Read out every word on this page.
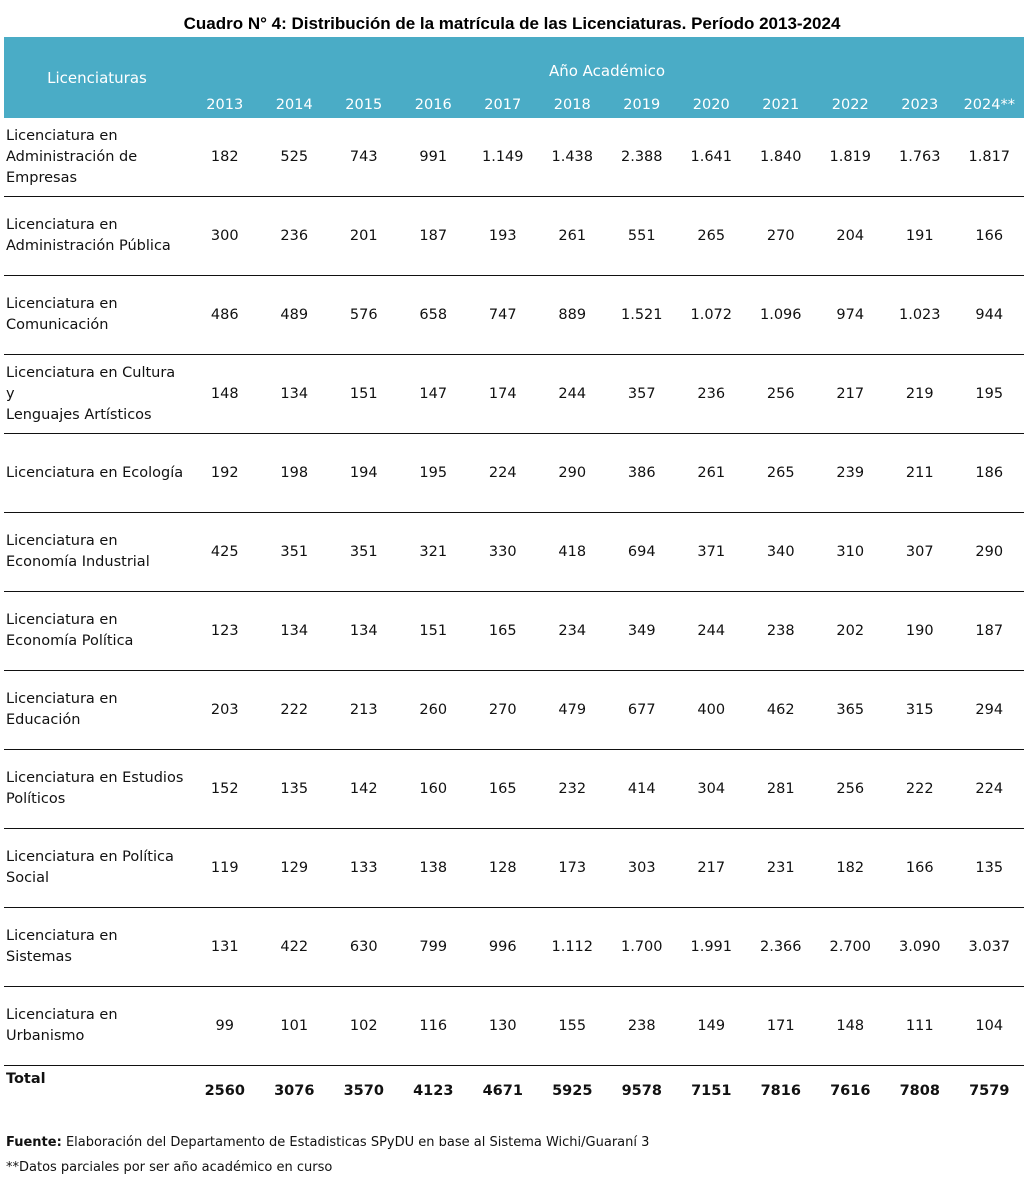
Cuadro N° 4: Distribución de la matrícula de las Licenciaturas. Período 2013-2024
Licenciaturas	Año Académico											
	2013	2014	2015	2016	2017	2018	2019	2020	2021	2022	2023	2024**
Licenciatura en
Administración de
Empresas	182	525	743	991	1.149	1.438	2.388	1.641	1.840	1.819	1.763	1.817
Licenciatura en
Administración Pública	300	236	201	187	193	261	551	265	270	204	191	166
Licenciatura en
Comunicación	486	489	576	658	747	889	1.521	1.072	1.096	974	1.023	944
Licenciatura en Cultura y
Lenguajes Artísticos	148	134	151	147	174	244	357	236	256	217	219	195
Licenciatura en Ecología	192	198	194	195	224	290	386	261	265	239	211	186
Licenciatura en
Economía Industrial	425	351	351	321	330	418	694	371	340	310	307	290
Licenciatura en
Economía Política	123	134	134	151	165	234	349	244	238	202	190	187
Licenciatura en
Educación	203	222	213	260	270	479	677	400	462	365	315	294
Licenciatura en Estudios
Políticos	152	135	142	160	165	232	414	304	281	256	222	224
Licenciatura en Política
Social	119	129	133	138	128	173	303	217	231	182	166	135
Licenciatura en Sistemas	131	422	630	799	996	1.112	1.700	1.991	2.366	2.700	3.090	3.037
Licenciatura en
Urbanismo	99	101	102	116	130	155	238	149	171	148	111	104
Total	2560	3076	3570	4123	4671	5925	9578	7151	7816	7616	7808	7579
Fuente: Elaboración del Departamento de Estadisticas SPyDU en base al Sistema Wichi/Guaraní 3
**Datos parciales por ser año académico en curso
